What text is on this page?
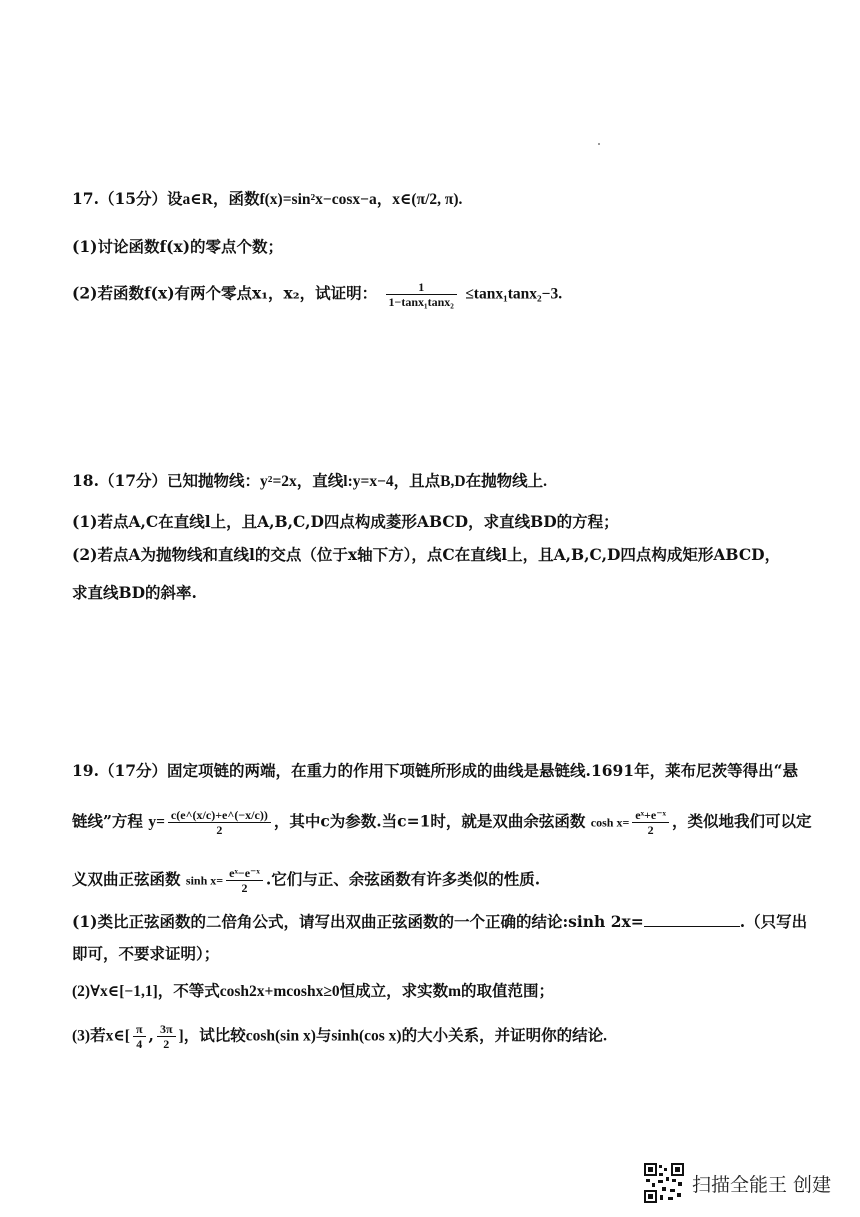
17.（15分）设a∈R，函数f(x)=sin²x−cosx−a，x∈(π/2, π).
(1)讨论函数f(x)的零点个数；
(2)若函数f(x)有两个零点x₁，x₂，试证明： $\frac{1}{\text{1−tanx₁tanx₂}} \le\tan x_1\tan x_2-3$.
18.（17分）已知抛物线：y²=2x，直线l:y=x−4，且点B,D在抛物线上.
(1)若点A,C在直线l上，且A,B,C,D四点构成菱形ABCD，求直线BD的方程；
(2)若点A为抛物线和直线l的交点（位于x轴下方），点C在直线l上，且A,B,C,D四点构成矩形ABCD，
求直线BD的斜率.
19.（17分）固定项链的两端，在重力的作用下项链所形成的曲线是悬链线.1691年，莱布尼茨等得出“悬
链线”方程 $y= \frac{c(e\^{}(x/c)+e\^{}(-x/c))}{2}$ ，其中c为参数.当c=1时，就是双曲余弦函数 $\cosh x= \frac{\text{eˣ+e⁻ˣ}}{2}$ ，类似地我们可以定
义双曲正弦函数 $\sinh x= \frac{\text{eˣ−e⁻ˣ}}{2}$ .它们与正、余弦函数有许多类似的性质.
(1)类比正弦函数的二倍角公式，请写出双曲正弦函数的一个正确的结论:sinh 2x=	.（只写出
即可，不要求证明）；
(2)∀x∈[−1,1]，不等式cosh2x+mcoshx≥0恒成立，求实数m的取值范围；
(3)若x∈[ $\frac{\pi}{4}$ , $\frac{3\pi}{2}$ ]，试比较cosh(sin x)与sinh(cos x)的大小关系，并证明你的结论.
扫描全能王 创建
